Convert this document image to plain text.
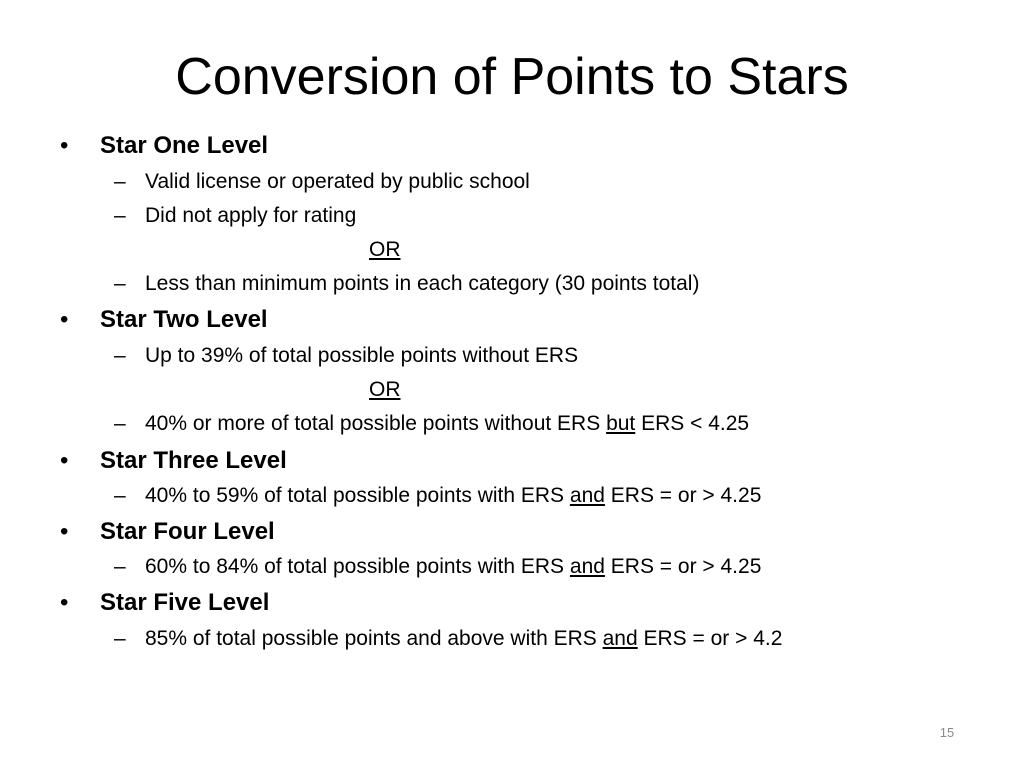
Conversion of Points to Stars
• Star One Level
– Valid license or operated by public school
– Did not apply for rating
OR
– Less than minimum points in each category (30 points total)
• Star Two Level
– Up to 39% of total possible points without ERS
OR
– 40% or more of total possible points without ERS but ERS < 4.25
• Star Three Level
– 40% to 59% of total possible points with ERS and ERS = or > 4.25
• Star Four Level
– 60% to 84% of total possible points with ERS and ERS = or > 4.25
• Star Five Level
– 85% of total possible points and above with ERS and ERS = or > 4.2
15
